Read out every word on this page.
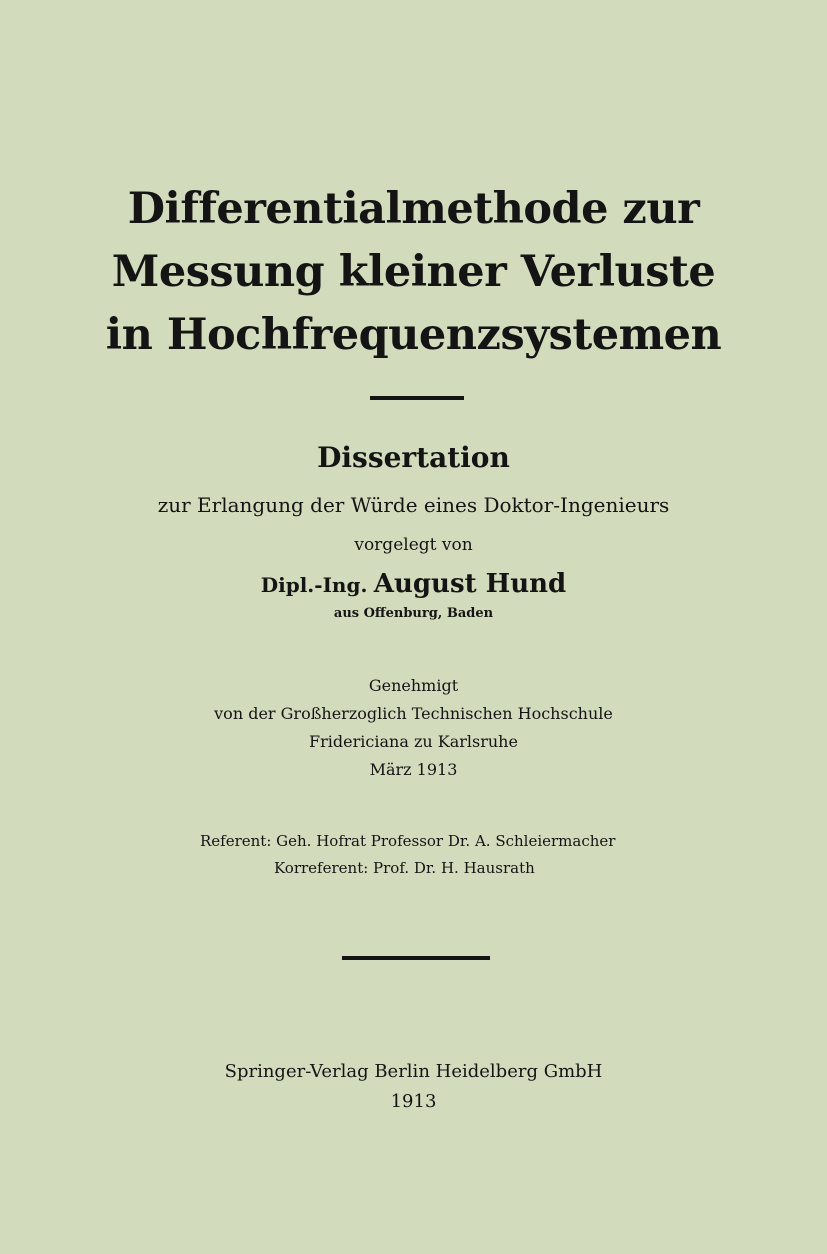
Differentialmethode zur
Messung kleiner Verluste
in Hochfrequenzsystemen
Dissertation
zur Erlangung der Würde eines Doktor-Ingenieurs
vorgelegt von
Dipl.-Ing. August Hund
aus Offenburg, Baden
Genehmigt
von der Großherzoglich Technischen Hochschule
Fridericiana zu Karlsruhe
März 1913
Referent: Geh. Hofrat Professor Dr. A. Schleiermacher
Korreferent: Prof. Dr. H. Hausrath
Springer-Verlag Berlin Heidelberg GmbH
1913
